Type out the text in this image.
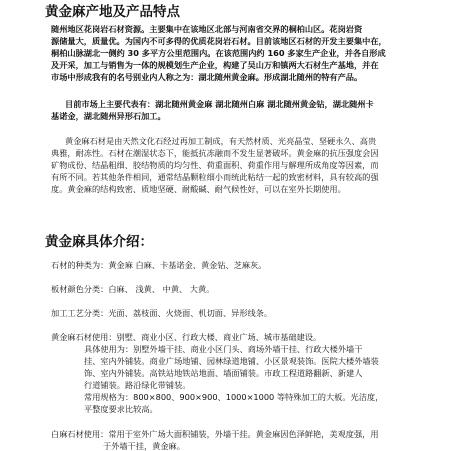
黄金麻产地及产品特点
随州地区花岗岩石材资源。主要集中在该地区北部与河南省交界的桐柏山区。花岗岩资
源储量大，质量优。为国内不可多得的优质花岗岩石材。目前该地区石材的开发主要集中在，
桐柏山脉湖北一侧约 30 多平方公里范围内。在该范围内约 160 多家生产企业，并各自形成
及开采，加工与销售为一体的规模划生产企业，构建了吴山万和镇两大石材生产基地，并在
市场中形成我有的名号别业内人称之为：湖北随州黄金麻。形成湖北随州的特有产品。
目前市场上主要代表有：湖北随州黄金麻 湖北随州白麻 湖北随州黄金钻，湖北随州卡
基诺金，湖北随州异形石加工。
黄金麻石材是由天然文化石经过再加工制成，有天然材质、光亮晶莹、坚硬永久、高贵
典雅，耐冻性。石材在潮湿状态下，能抵抗冻融而不发生显著破坏。黄金麻的抗压强度会因
矿物成份、结晶粗细、胶结物质的均匀性、荷重面积、荷重作用与解理所成角度等因素，而
有所不同。若其他条件相同，通常结晶颗粒细小而统此粘结一起的致密材料，具有较高的强
度。黄金麻的结构致密、质地坚硬、耐酸碱、耐气候性好，可以在室外长期使用。
黄金麻具体介绍：
石材的种类为：黄金麻 白麻、卡基诺金、黄金钻、芝麻灰。
板材颜色分类：白麻、 浅黄、 中黄、 大黄。
加工工艺分类：光面、荔枝面、火烧面、机切面、异形线条。
黄金麻石材使用：别墅、商业小区、行政大楼、商业广场、城市基础建设。
具体使用为：别墅外墙干挂、商业小区门头、商场外墙干挂、行政大楼外墙干
挂、室内外铺装。商业广场地铺、园林绿道地铺、小区景观装饰。医院大楼外墙装
饰、室内外铺装。高铁站地铁站地面、墙面铺装。市政工程道路翻新、新建人
行道铺装。路沿绿化带铺装。
常用规格为：800×800、900×900、1000×1000 等特殊加工的大板。光洁度，
平整度要求比较高。
白麻石材使用：常用于室外广场大面积铺装，外墙干挂。黄金麻因色泽鲜艳，美观度强，用
于外墙干挂，黄金麻。
